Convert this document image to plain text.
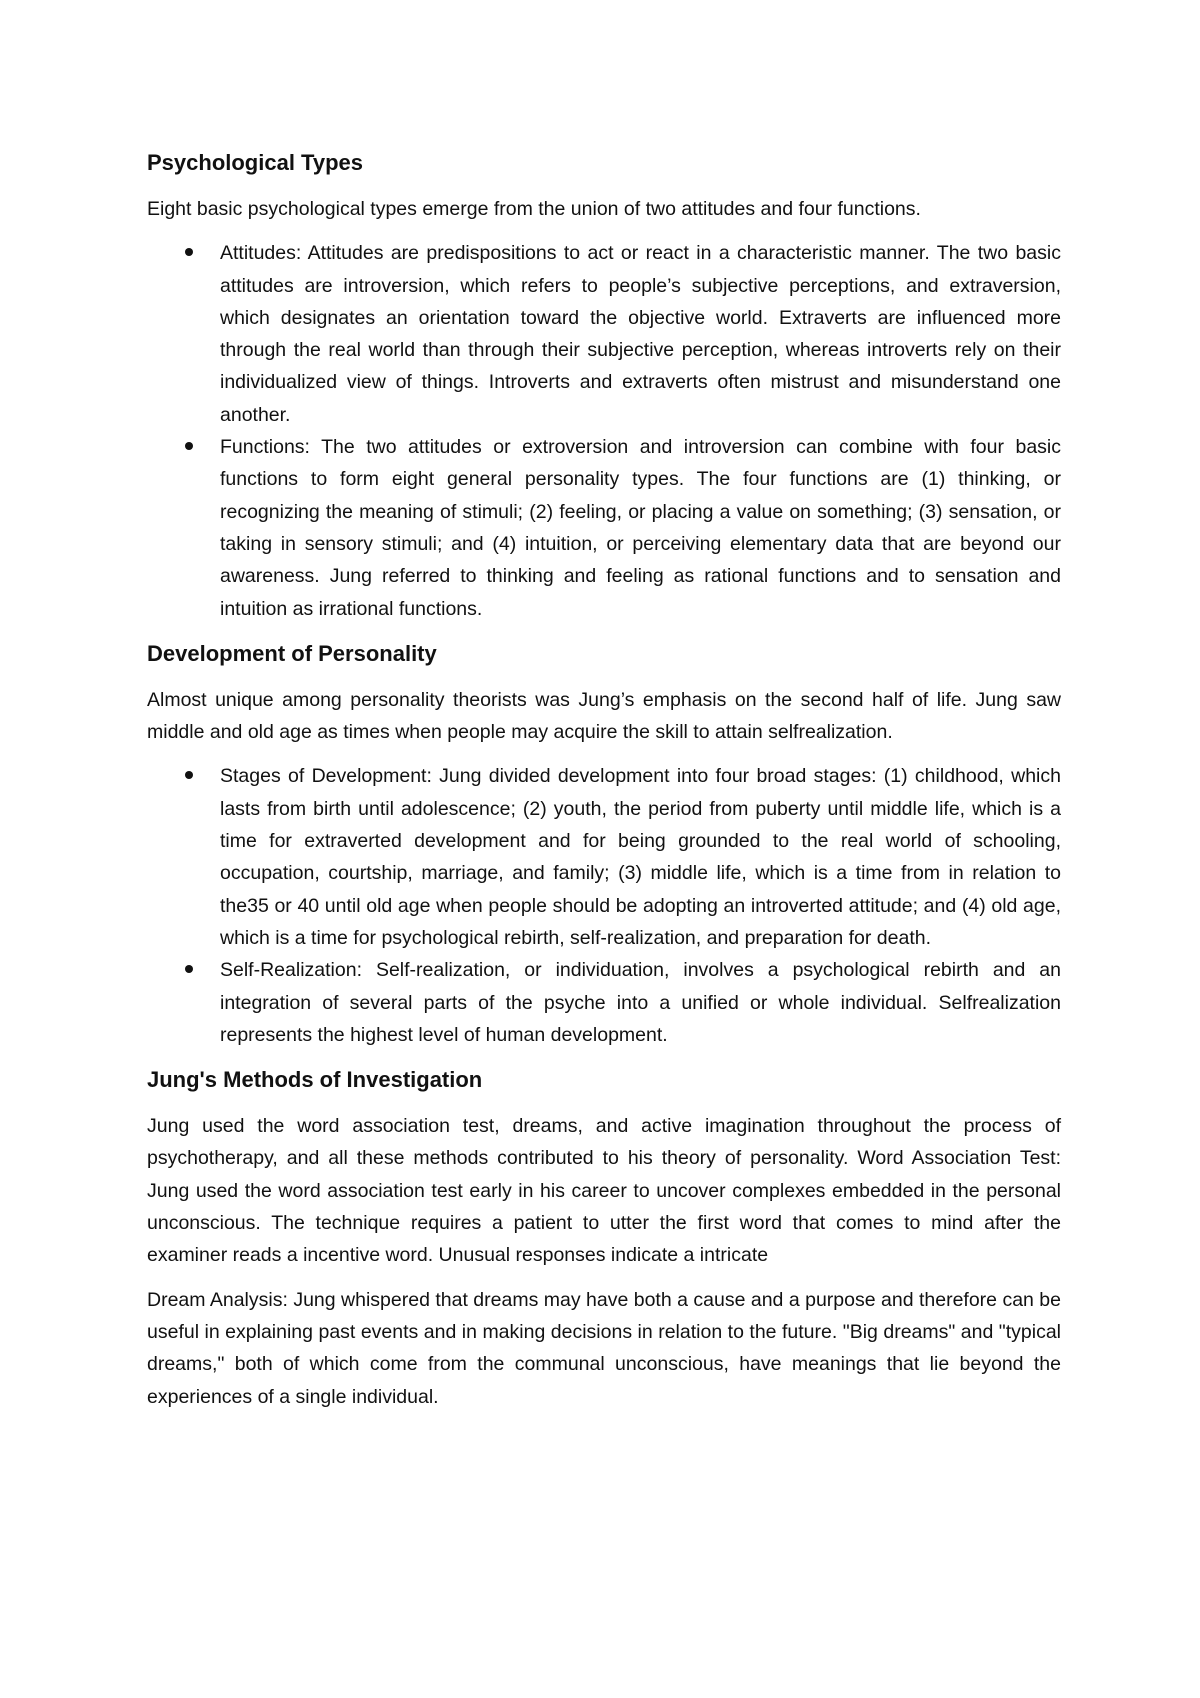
Psychological Types

Eight basic psychological types emerge from the union of two attitudes and four functions.

Attitudes: Attitudes are predispositions to act or react in a characteristic manner. The two basic attitudes are introversion, which refers to people’s subjective perceptions, and extraversion, which designates an orientation toward the objective world. Extraverts are influenced more through the real world than through their subjective perception, whereas introverts rely on their individualized view of things. Introverts and extraverts often mistrust and misunderstand one another.
Functions: The two attitudes or extroversion and introversion can combine with four basic functions to form eight general personality types. The four functions are (1) thinking, or recognizing the meaning of stimuli; (2) feeling, or placing a value on something; (3) sensation, or taking in sensory stimuli; and (4) intuition, or perceiving elementary data that are beyond our awareness. Jung referred to thinking and feeling as rational functions and to sensation and intuition as irrational functions.
Development of Personality

Almost unique among personality theorists was Jung’s emphasis on the second half of life. Jung saw middle and old age as times when people may acquire the skill to attain selfrealization.

Stages of Development: Jung divided development into four broad stages: (1) childhood, which lasts from birth until adolescence; (2) youth, the period from puberty until middle life, which is a time for extraverted development and for being grounded to the real world of schooling, occupation, courtship, marriage, and family; (3) middle life, which is a time from in relation to the35 or 40 until old age when people should be adopting an introverted attitude; and (4) old age, which is a time for psychological rebirth, self-realization, and preparation for death.
Self-Realization: Self-realization, or individuation, involves a psychological rebirth and an integration of several parts of the psyche into a unified or whole individual. Selfrealization represents the highest level of human development.
Jung's Methods of Investigation

Jung used the word association test, dreams, and active imagination throughout the process of psychotherapy, and all these methods contributed to his theory of personality. Word Association Test: Jung used the word association test early in his career to uncover complexes embedded in the personal unconscious. The technique requires a patient to utter the first word that comes to mind after the examiner reads a incentive word. Unusual responses indicate a intricate

Dream Analysis: Jung whispered that dreams may have both a cause and a purpose and therefore can be useful in explaining past events and in making decisions in relation to the future. "Big dreams" and "typical dreams," both of which come from the communal unconscious, have meanings that lie beyond the experiences of a single individual.
